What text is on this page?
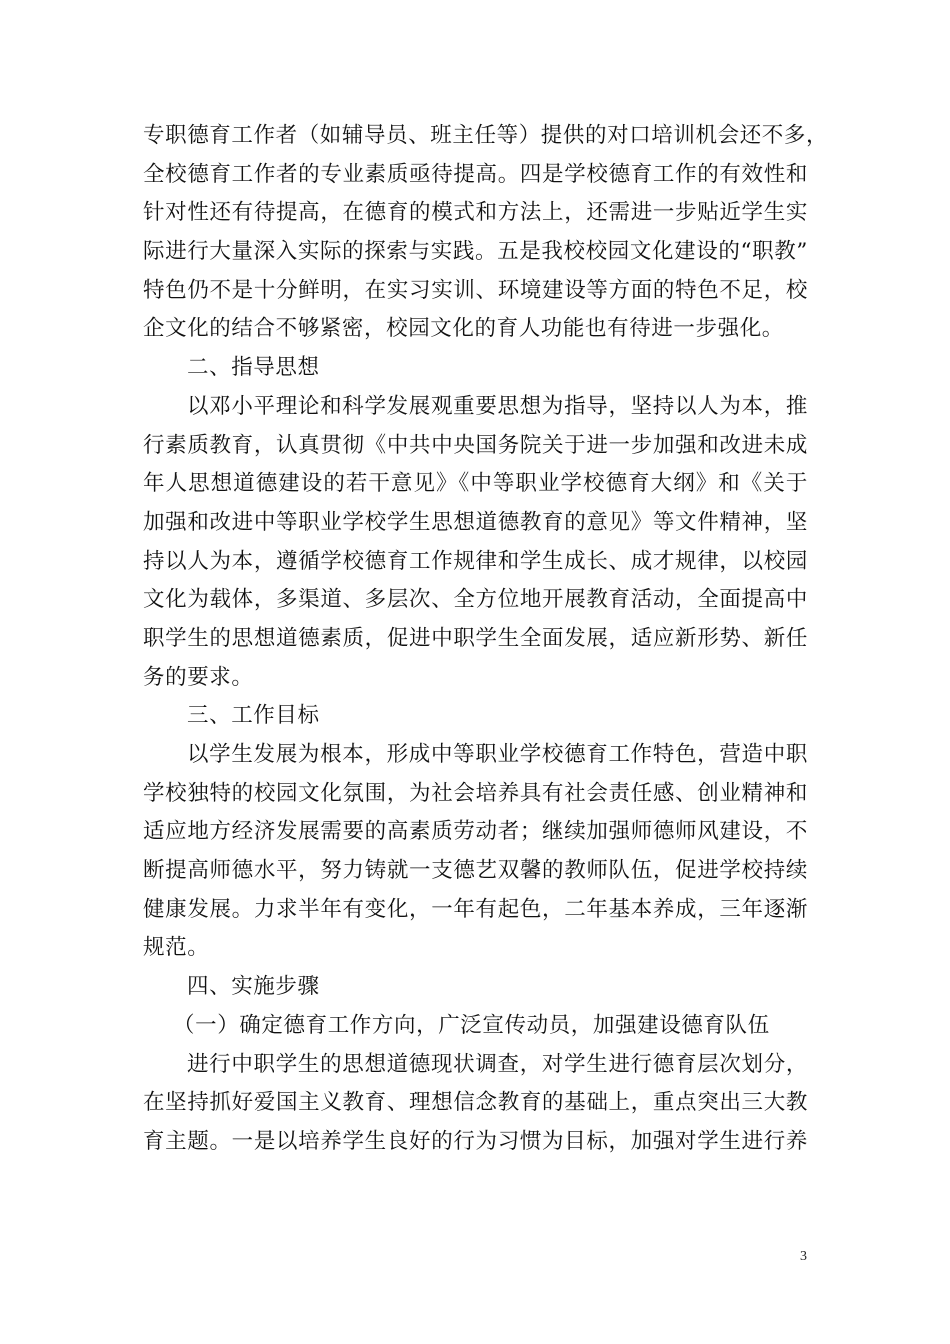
专职德育工作者（如辅导员、班主任等）提供的对口培训机会还不多，
全校德育工作者的专业素质亟待提高。四是学校德育工作的有效性和
针对性还有待提高，在德育的模式和方法上，还需进一步贴近学生实
际进行大量深入实际的探索与实践。五是我校校园文化建设的“职教”
特色仍不是十分鲜明，在实习实训、环境建设等方面的特色不足，校
企文化的结合不够紧密，校园文化的育人功能也有待进一步强化。
二、指导思想
以邓小平理论和科学发展观重要思想为指导，坚持以人为本，推
行素质教育，认真贯彻《中共中央国务院关于进一步加强和改进未成
年人思想道德建设的若干意见》《中等职业学校德育大纲》和《关于
加强和改进中等职业学校学生思想道德教育的意见》等文件精神，坚
持以人为本，遵循学校德育工作规律和学生成长、成才规律，以校园
文化为载体，多渠道、多层次、全方位地开展教育活动，全面提高中
职学生的思想道德素质，促进中职学生全面发展，适应新形势、新任
务的要求。
三、工作目标
以学生发展为根本，形成中等职业学校德育工作特色，营造中职
学校独特的校园文化氛围，为社会培养具有社会责任感、创业精神和
适应地方经济发展需要的高素质劳动者；继续加强师德师风建设，不
断提高师德水平，努力铸就一支德艺双馨的教师队伍，促进学校持续
健康发展。力求半年有变化，一年有起色，二年基本养成，三年逐渐
规范。
四、实施步骤
（一）确定德育工作方向，广泛宣传动员，加强建设德育队伍
进行中职学生的思想道德现状调查，对学生进行德育层次划分，
在坚持抓好爱国主义教育、理想信念教育的基础上，重点突出三大教
育主题。一是以培养学生良好的行为习惯为目标，加强对学生进行养
3
